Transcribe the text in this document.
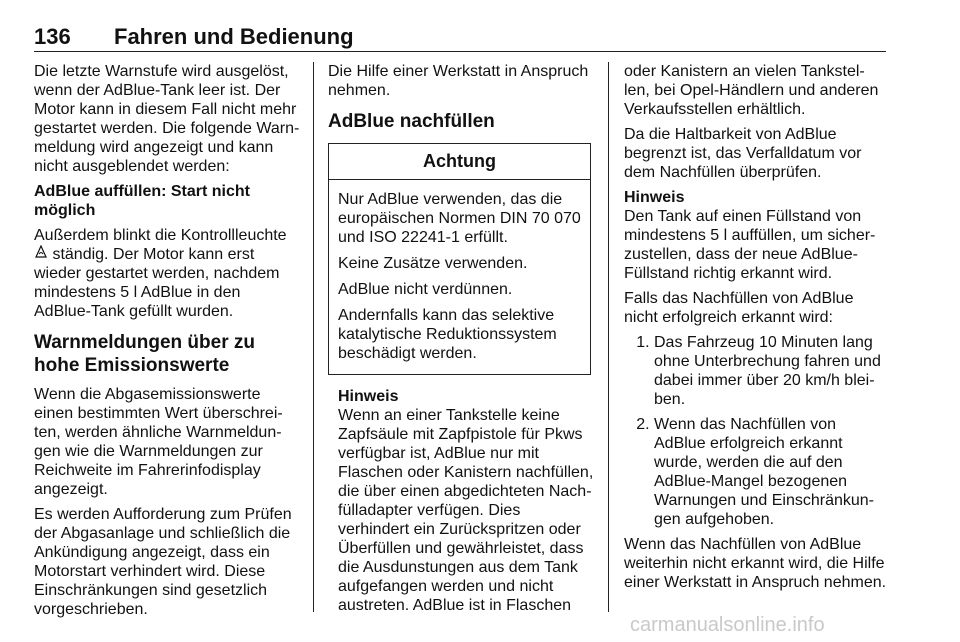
136 Fahren und Bedienung

Die letzte Warnstufe wird ausgelöst, wenn der AdBlue-Tank leer ist. Der Motor kann in diesem Fall nicht mehr gestartet werden. Die folgende Warn-meldung wird angezeigt und kann nicht ausgeblendet werden:

AdBlue auffüllen: Start nicht möglich

Außerdem blinkt die Kontrollleuchte  ständig. Der Motor kann erst wieder gestartet werden, nachdem mindestens 5 l AdBlue in den AdBlue-Tank gefüllt wurden.

Warnmeldungen über zu hohe Emissionswerte

Wenn die Abgasemissionswerte einen bestimmten Wert überschrei-ten, werden ähnliche Warnmeldun-gen wie die Warnmeldungen zur Reichweite im Fahrerinfodisplay angezeigt.

Es werden Aufforderung zum Prüfen der Abgasanlage und schließlich die Ankündigung angezeigt, dass ein Motorstart verhindert wird. Diese Einschränkungen sind gesetzlich vorgeschrieben.

Die Hilfe einer Werkstatt in Anspruch nehmen.

AdBlue nachfüllen
Achtung

Nur AdBlue verwenden, das die europäischen Normen DIN 70 070 und ISO 22241-1 erfüllt.

Keine Zusätze verwenden.

AdBlue nicht verdünnen.

Andernfalls kann das selektive katalytische Reduktionssystem beschädigt werden.

Hinweis

Wenn an einer Tankstelle keine Zapfsäule mit Zapfpistole für Pkws verfügbar ist, AdBlue nur mit Flaschen oder Kanistern nachfüllen, die über einen abgedichteten Nach-fülladapter verfügen. Dies verhindert ein Zurückspritzen oder Überfüllen und gewährleistet, dass die Ausdunstungen aus dem Tank aufgefangen werden und nicht austreten. AdBlue ist in Flaschen

oder Kanistern an vielen Tankstel-len, bei Opel-Händlern und anderen Verkaufsstellen erhältlich.

Da die Haltbarkeit von AdBlue begrenzt ist, das Verfalldatum vor dem Nachfüllen überprüfen.

Hinweis

Den Tank auf einen Füllstand von mindestens 5 l auffüllen, um sicher-zustellen, dass der neue AdBlue-Füllstand richtig erkannt wird.

Falls das Nachfüllen von AdBlue nicht erfolgreich erkannt wird:

1. Das Fahrzeug 10 Minuten lang ohne Unterbrechung fahren und dabei immer über 20 km/h blei-ben.
2. Wenn das Nachfüllen von AdBlue erfolgreich erkannt wurde, werden die auf den AdBlue-Mangel bezogenen Warnungen und Einschränkun-gen aufgehoben.

Wenn das Nachfüllen von AdBlue weiterhin nicht erkannt wird, die Hilfe einer Werkstatt in Anspruch nehmen.

carmanualsonline.info
